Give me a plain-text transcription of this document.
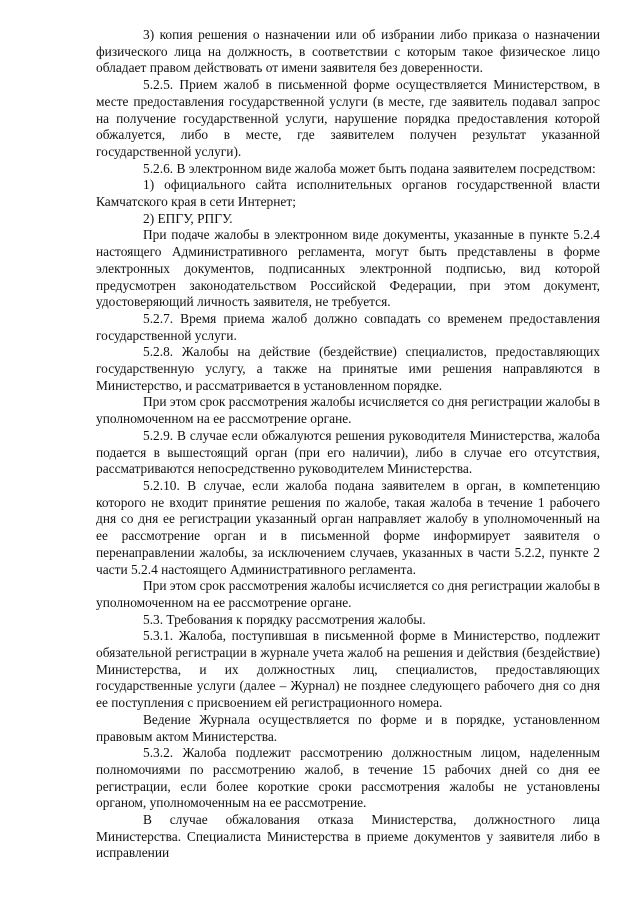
3) копия решения о назначении или об избрании либо приказа о назначении физического лица на должность, в соответствии с которым такое физическое лицо обладает правом действовать от имени заявителя без доверенности.

5.2.5. Прием жалоб в письменной форме осуществляется Министерством, в месте предоставления государственной услуги (в месте, где заявитель подавал запрос на получение государственной услуги, нарушение порядка предоставления которой обжалуется, либо в месте, где заявителем получен результат указанной государственной услуги).

5.2.6. В электронном виде жалоба может быть подана заявителем посредством:

1) официального сайта исполнительных органов государственной власти Камчатского края в сети Интернет;

2) ЕПГУ, РПГУ.

При подаче жалобы в электронном виде документы, указанные в пункте 5.2.4 настоящего Административного регламента, могут быть представлены в форме электронных документов, подписанных электронной подписью, вид которой предусмотрен законодательством Российской Федерации, при этом документ, удостоверяющий личность заявителя, не требуется.

5.2.7. Время приема жалоб должно совпадать со временем предоставления государственной услуги.

5.2.8. Жалобы на действие (бездействие) специалистов, предоставляющих государственную услугу, а также на принятые ими решения направляются в Министерство, и рассматривается в установленном порядке.

При этом срок рассмотрения жалобы исчисляется со дня регистрации жалобы в уполномоченном на ее рассмотрение органе.

5.2.9. В случае если обжалуются решения руководителя Министерства, жалоба подается в вышестоящий орган (при его наличии), либо в случае его отсутствия, рассматриваются непосредственно руководителем Министерства.

5.2.10. В случае, если жалоба подана заявителем в орган, в компетенцию которого не входит принятие решения по жалобе, такая жалоба в течение 1 рабочего дня со дня ее регистрации указанный орган направляет жалобу в уполномоченный на ее рассмотрение орган и в письменной форме информирует заявителя о перенаправлении жалобы, за исключением случаев, указанных в части 5.2.2, пункте 2 части 5.2.4 настоящего Административного регламента.

При этом срок рассмотрения жалобы исчисляется со дня регистрации жалобы в уполномоченном на ее рассмотрение органе.

5.3. Требования к порядку рассмотрения жалобы.

5.3.1. Жалоба, поступившая в письменной форме в Министерство, подлежит обязательной регистрации в журнале учета жалоб на решения и действия (бездействие) Министерства, и их должностных лиц, специалистов, предоставляющих государственные услуги (далее – Журнал) не позднее следующего рабочего дня со дня ее поступления с присвоением ей регистрационного номера.

Ведение Журнала осуществляется по форме и в порядке, установленном правовым актом Министерства.

5.3.2. Жалоба подлежит рассмотрению должностным лицом, наделенным полномочиями по рассмотрению жалоб, в течение 15 рабочих дней со дня ее регистрации, если более короткие сроки рассмотрения жалобы не установлены органом, уполномоченным на ее рассмотрение.

В случае обжалования отказа Министерства, должностного лица Министерства. Специалиста Министерства в приеме документов у заявителя либо в исправлении
